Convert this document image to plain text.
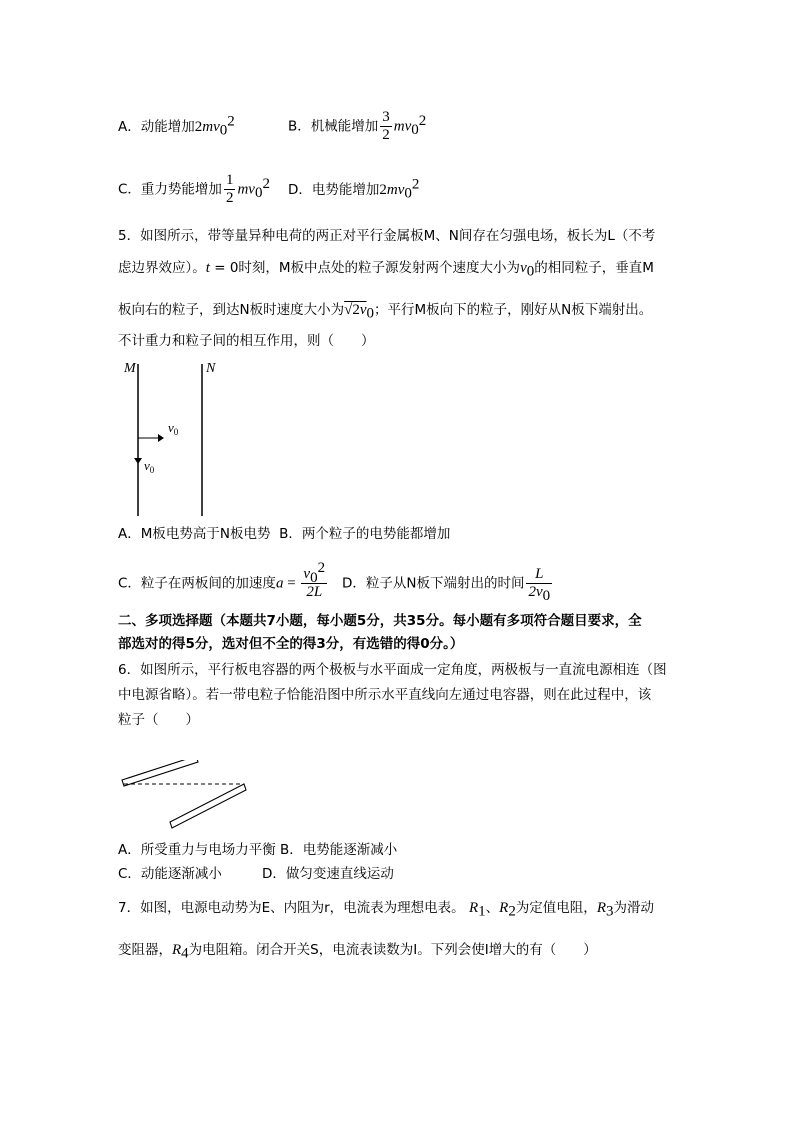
A．动能增加$2mv_0^2$	B．机械能增加 $\frac{3}{2} mv_0^2$
C．重力势能增加 $\frac{1}{2} mv_0^2$ D．电势能增加$2mv_0^2$
5．如图所示，带等量异种电荷的两正对平行金属板M、N间存在匀强电场，板长为L（不考
虑边界效应）。t = 0时刻，M板中点处的粒子源发射两个速度大小为$v_0$的相同粒子，垂直M
板向右的粒子，到达N板时速度大小为$√2\overline{v}_0$；平行M板向下的粒子，刚好从N板下端射出。
不计重力和粒子间的相互作用，则（　　）
M	N
$v_0$
$v_0$
A．M板电势高于N板电势 B．两个粒子的电势能都增加
C．粒子在两板间的加速度$a = \frac{v_0^2}{2L}$ D．粒子从N板下端射出的时间 $\frac{L}{2v_0}$
二、多项选择题（本题共7小题，每小题5分，共35分。每小题有多项符合题目要求，全
部选对的得5分，选对但不全的得3分，有选错的得0分。）
6．如图所示，平行板电容器的两个极板与水平面成一定角度，两极板与一直流电源相连（图
中电源省略）。若一带电粒子恰能沿图中所示水平直线向左通过电容器，则在此过程中，该
粒子（　　）
A．所受重力与电场力平衡 B．电势能逐渐减小
C．动能逐渐减小	D．做匀变速直线运动
7．如图，电源电动势为E、内阻为r，电流表为理想电表。 $R_1$、$R_2$为定值电阻，$R_3$为滑动
变阻器，$R_4$为电阻箱。闭合开关S，电流表读数为I。下列会使I增大的有（　　）
